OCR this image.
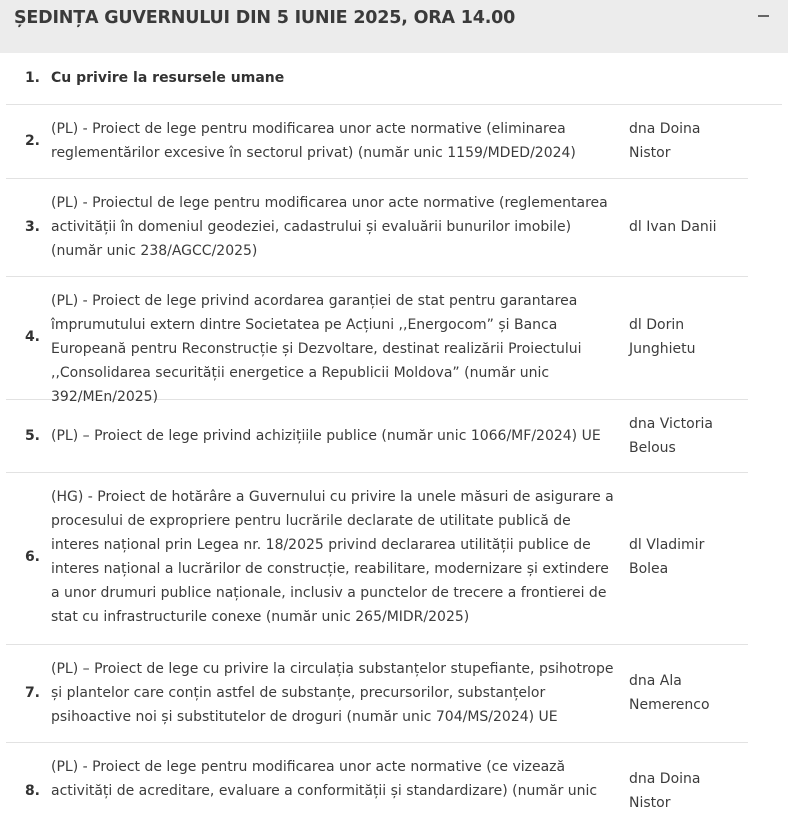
ȘEDINȚA GUVERNULUI DIN 5 IUNIE 2025, ORA 14.00
1. Cu privire la resursele umane
2.
(PL) - Proiect de lege pentru modificarea unor acte normative (eliminarea reglementărilor excesive în sectorul privat) (număr unic 1159/MDED/2024)
dna Doina Nistor
3.
(PL) - Proiectul de lege pentru modificarea unor acte normative (reglementarea activității în domeniul geodeziei, cadastrului și evaluării bunurilor imobile) (număr unic 238/AGCC/2025)
dl Ivan Danii
4.
(PL) - Proiect de lege privind acordarea garanției de stat pentru garantarea împrumutului extern dintre Societatea pe Acțiuni ,,Energocom” și Banca Europeană pentru Reconstrucție și Dezvoltare, destinat realizării Proiectului ,,Consolidarea securității energetice a Republicii Moldova” (număr unic 392/MEn/2025)
dl Dorin Junghietu
5. (PL) – Proiect de lege privind achizițiile publice (număr unic 1066/MF/2024) UE
dna Victoria Belous
6.
(HG) - Proiect de hotărâre a Guvernului cu privire la unele măsuri de asigurare a procesului de expropriere pentru lucrările declarate de utilitate publică de interes național prin Legea nr. 18/2025 privind declararea utilității publice de interes național a lucrărilor de construcție, reabilitare, modernizare și extindere a unor drumuri publice naționale, inclusiv a punctelor de trecere a frontierei de stat cu infrastructurile conexe (număr unic 265/MIDR/2025)
dl Vladimir Bolea
7.
(PL) – Proiect de lege cu privire la circulația substanțelor stupefiante, psihotrope și plantelor care conțin astfel de substanțe, precursorilor, substanțelor psihoactive noi și substitutelor de droguri (număr unic 704/MS/2024) UE
dna Ala Nemerenco
8.
(PL) - Proiect de lege pentru modificarea unor acte normative (ce vizează activități de acreditare, evaluare a conformității și standardizare) (număr unic
dna Doina Nistor
